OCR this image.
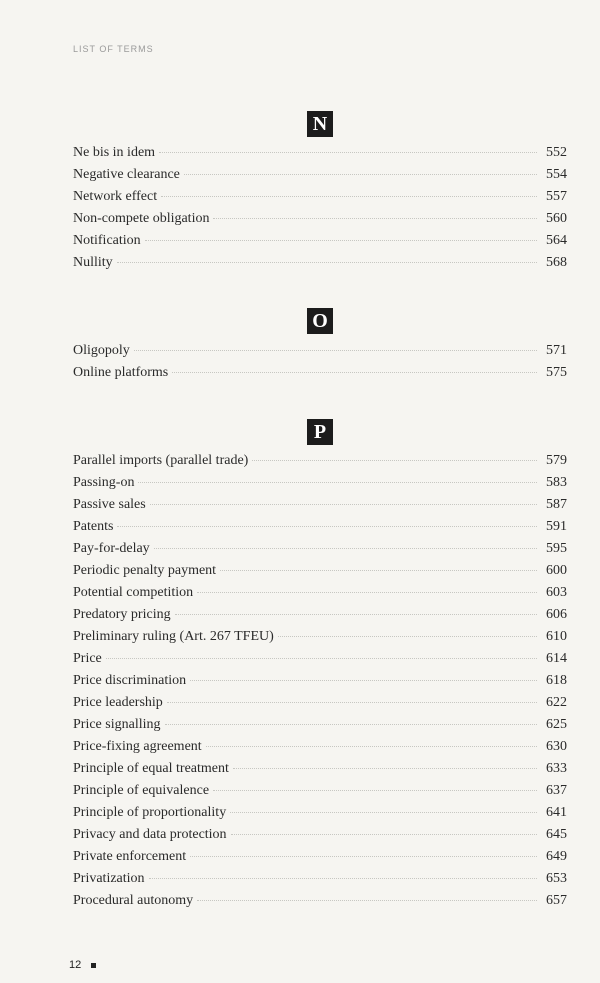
LIST OF TERMS
N
Ne bis in idem	552
Negative clearance	554
Network effect	557
Non-compete obligation	560
Notification	564
Nullity	568
O
Oligopoly	571
Online platforms	575
P
Parallel imports (parallel trade)	579
Passing-on	583
Passive sales	587
Patents	591
Pay-for-delay	595
Periodic penalty payment	600
Potential competition	603
Predatory pricing	606
Preliminary ruling (Art. 267 TFEU)	610
Price	614
Price discrimination	618
Price leadership	622
Price signalling	625
Price-fixing agreement	630
Principle of equal treatment	633
Principle of equivalence	637
Principle of proportionality	641
Privacy and data protection	645
Private enforcement	649
Privatization	653
Procedural autonomy	657
12
